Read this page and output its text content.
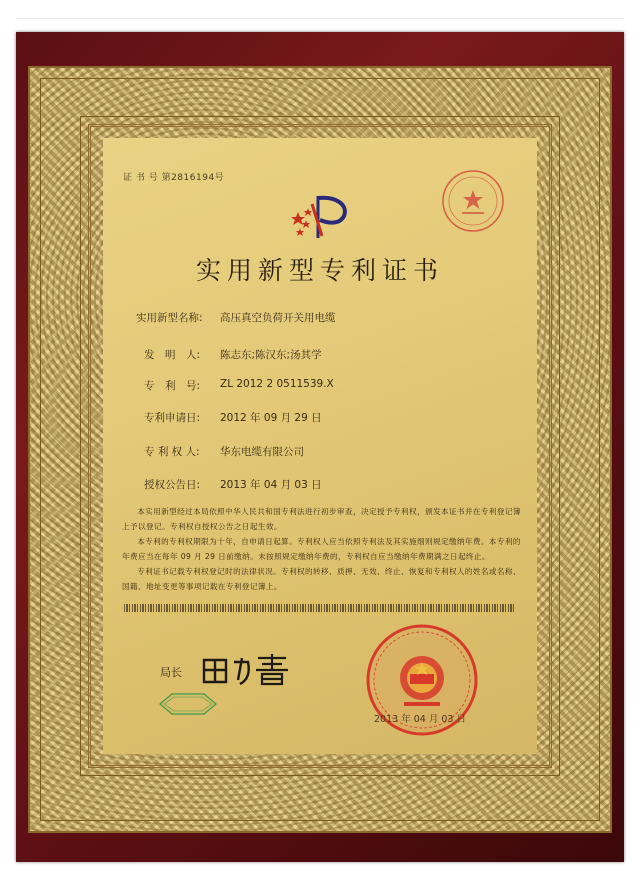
证 书 号 第2816194号
实用新型专利证书
实用新型名称: 高压真空负荷开关用电缆
发　明　人: 陈志东;陈汉东;汤其学
专　利　号: ZL 2012 2 0511539.X
专利申请日: 2012 年 09 月 29 日
专 利 权 人: 华东电缆有限公司
授权公告日: 2013 年 04 月 03 日
本实用新型经过本局依照中华人民共和国专利法进行初步审查，决定授予专利权，颁发本证书并在专利登记簿上予以登记。专利权自授权公告之日起生效。
本专利的专利权期限为十年，自申请日起算。专利权人应当依照专利法及其实施细则规定缴纳年费。本专利的年费应当在每年 09 月 29 日前缴纳。未按照规定缴纳年费的，专利权自应当缴纳年费期满之日起终止。
专利证书记载专利权登记时的法律状况。专利权的转移、质押、无效、终止、恢复和专利权人的姓名或名称、国籍、地址变更等事项记载在专利登记簿上。
局长
2013 年 04 月 03 日
